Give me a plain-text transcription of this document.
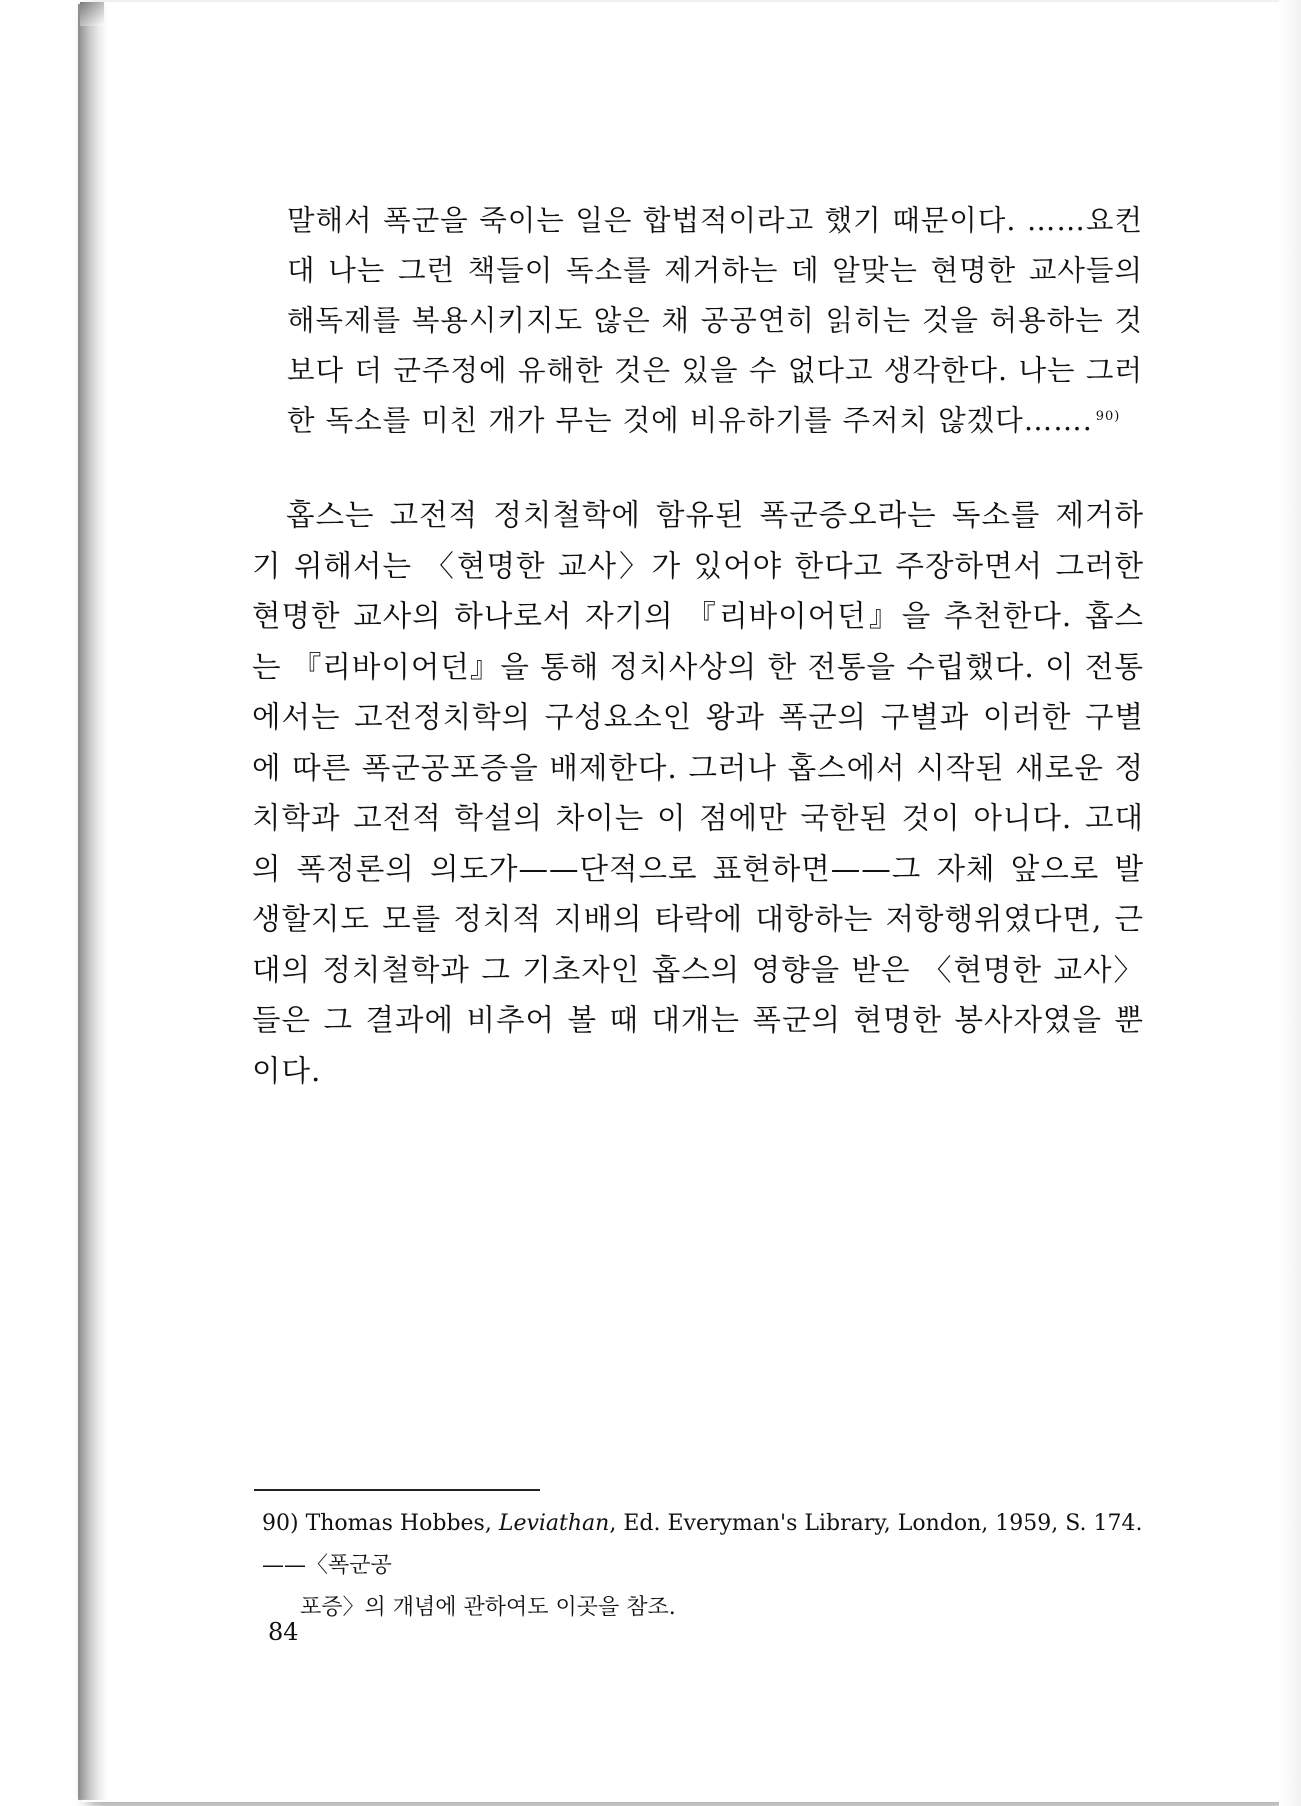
말해서 폭군을 죽이는 일은 합법적이라고 했기 때문이다. ……요컨대 나는 그런 책들이 독소를 제거하는 데 알맞는 현명한 교사들의 해독제를 복용시키지도 않은 채 공공연히 읽히는 것을 허용하는 것보다 더 군주정에 유해한 것은 있을 수 없다고 생각한다. 나는 그러한 독소를 미친 개가 무는 것에 비유하기를 주저치 않겠다……. $^{90)}$

홉스는 고전적 정치철학에 함유된 폭군증오라는 독소를 제거하기 위해서는 〈현명한 교사〉가 있어야 한다고 주장하면서 그러한 현명한 교사의 하나로서 자기의 『리바이어던』을 추천한다. 홉스는 『리바이어던』을 통해 정치사상의 한 전통을 수립했다. 이 전통에서는 고전정치학의 구성요소인 왕과 폭군의 구별과 이러한 구별에 따른 폭군공포증을 배제한다. 그러나 홉스에서 시작된 새로운 정치학과 고전적 학설의 차이는 이 점에만 국한된 것이 아니다. 고대의 폭정론의 의도가——단적으로 표현하면——그 자체 앞으로 발생할지도 모를 정치적 지배의 타락에 대항하는 저항행위였다면, 근대의 정치철학과 그 기초자인 홉스의 영향을 받은 〈현명한 교사〉들은 그 결과에 비추어 볼 때 대개는 폭군의 현명한 봉사자였을 뿐이다.

90) Thomas Hobbes, Leviathan, Ed. Everyman's Library, London, 1959, S. 174. ——〈폭군공
포증〉의 개념에 관하여도 이곳을 참조.
84
